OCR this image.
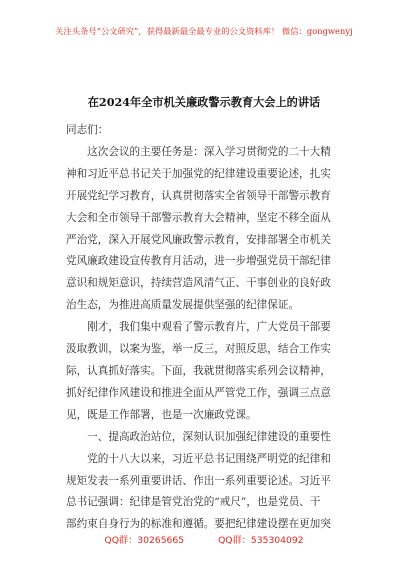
关注头条号“公文研究”，获得最新最全最专业的公文资料库！ 微信：gongwenyj
在2024年全市机关廉政警示教育大会上的讲话

同志们：

　　这次会议的主要任务是：深入学习贯彻党的二十大精

神和习近平总书记关于加强党的纪律建设重要论述，扎实

开展党纪学习教育，认真贯彻落实全省领导干部警示教育

大会和全市领导干部警示教育大会精神，坚定不移全面从

严治党，深入开展党风廉政警示教育，安排部署全市机关

党风廉政建设宣传教育月活动，进一步增强党员干部纪律

意识和规矩意识，持续营造风清气正、干事创业的良好政

治生态，为推进高质量发展提供坚强的纪律保证。

　　刚才，我们集中观看了警示教育片，广大党员干部要

汲取教训，以案为鉴，举一反三，对照反思，结合工作实

际，认真抓好落实。下面，我就贯彻落实系列会议精神，

抓好纪律作风建设和推进全面从严管党工作，强调三点意

见，既是工作部署，也是一次廉政党课。

　　一、提高政治站位，深刻认识加强纪律建设的重要性

　　党的十八大以来，习近平总书记围绕严明党的纪律和

规矩发表一系列重要讲话、作出一系列重要论述。习近平

总书记强调：纪律是管党治党的“戒尺”，也是党员、干

部约束自身行为的标准和遵循。要把纪律建设摆在更加突

QQ群：30265665	QQ群：535304092
